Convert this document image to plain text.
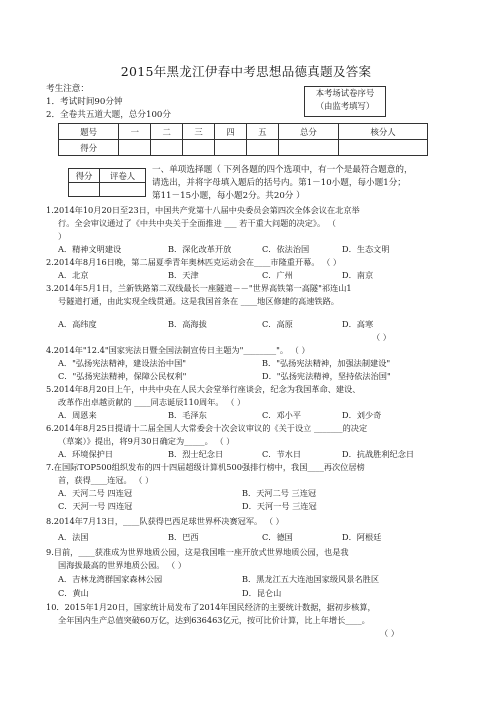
2015年黑龙江伊春中考思想品德真题及答案
考生注意：
1．考试时间90分钟
2．全卷共五道大题，总分100分
本考场试卷序号
（由监考填写）
题号	一	二	三	四	五	总分	核分人
得分							
得分	评卷人

一、单项选择题（ 下列各题的四个选项中，有一个是最符合题意的，
请选出，并将字母填入题后的括号内。第1－10小题，每小题1分；
第11－15小题，每小题2分。共20分 ）
1.2014年10月20日至23日，中国共产党第十八届中央委员会第四次全体会议在北京举
行。全会审议通过了《中共中央关于全面推进 ___ 若干重大问题的决定》。 （
）
A．精神文明建设	B．深化改革开放	C．依法治国	D．生态文明
2.2014年8月16日晚，第二届夏季青年奥林匹克运动会在____市隆重开幕。 （ ）
A．北京	B．天津	C．广州	D．南京
3.2014年5月1日，兰新铁路第二双线最长一座隧道－－"世界高铁第一高隧"祁连山1
号隧道打通，由此实现全线贯通。这是我国首条在 ____地区修建的高速铁路。
A．高纬度	B．高海拔	C．高原	D．高寒
（ ）
4.2014年"12.4"国家宪法日暨全国法制宣传日主题为"________"。 （ ）
A．"弘扬宪法精神，建设法治中国"	B．"弘扬宪法精神，加强法制建设"
C．"弘扬宪法精神，保障公民权利"	D．"弘扬宪法精神，坚持依法治国"
5.2014年8月20日上午，中共中央在人民大会堂举行座谈会，纪念为我国革命、建设、
改革作出卓越贡献的 ____同志诞辰110周年。 （ ）
A．周恩来	B．毛泽东	C．邓小平	D．刘少奇
6.2014年8月25日提请十二届全国人大常委会十次会议审议的《关于设立 _______的决定
（草案）》提出，将9月30日确定为_____。 （ ）
A．环境保护日	B．烈士纪念日	C．节水日	D．抗战胜利纪念日
7.在国际TOP500组织发布的四十四届超级计算机500强排行榜中，我国____再次位居榜
首，获得____连冠。 （ ）
A．天河二号 四连冠	B．天河二号 三连冠
C．天河一号 四连冠	D．天河一号 三连冠
8.2014年7月13日，____队获得巴西足球世界杯决赛冠军。 （ ）
A．法国	B．巴西	C．德国	D．阿根廷
9.目前，____获准成为世界地质公园，这是我国唯一座开放式世界地质公园，也是我
国海拔最高的世界地质公园。 （ ）
A．吉林龙湾群国家森林公园	B．黑龙江五大连池国家级风景名胜区
C．黄山	D．昆仑山
10．2015年1月20日，国家统计局发布了2014年国民经济的主要统计数据，据初步核算，
全年国内生产总值突破60万亿，达到636463亿元，按可比价计算，比上年增长____。
（ ）
